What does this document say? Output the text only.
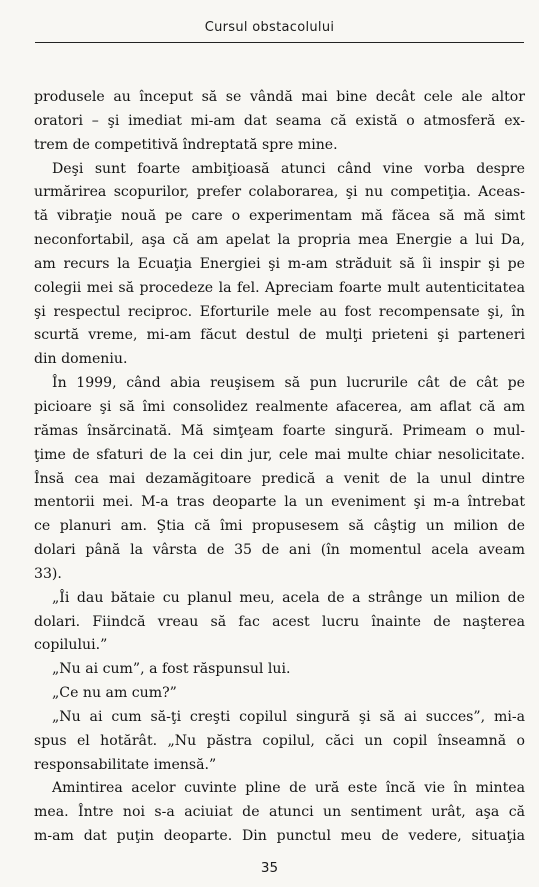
Cursul obstacolului
produsele au început să se vândă mai bine decât cele ale altor
oratori – şi imediat mi-am dat seama că există o atmosferă ex-
trem de competitivă îndreptată spre mine.
Deşi sunt foarte ambiţioasă atunci când vine vorba despre
urmărirea scopurilor, prefer colaborarea, şi nu competiţia. Aceas-
tă vibraţie nouă pe care o experimentam mă făcea să mă simt
neconfortabil, aşa că am apelat la propria mea Energie a lui Da,
am recurs la Ecuaţia Energiei şi m-am străduit să îi inspir şi pe
colegii mei să procedeze la fel. Apreciam foarte mult autenticitatea
şi respectul reciproc. Eforturile mele au fost recompensate şi, în
scurtă vreme, mi-am făcut destul de mulţi prieteni şi parteneri
din domeniu.
În 1999, când abia reuşisem să pun lucrurile cât de cât pe
picioare şi să îmi consolidez realmente afacerea, am aflat că am
rămas însărcinată. Mă simţeam foarte singură. Primeam o mul-
ţime de sfaturi de la cei din jur, cele mai multe chiar nesolicitate.
Însă cea mai dezamăgitoare predică a venit de la unul dintre
mentorii mei. M-a tras deoparte la un eveniment şi m-a întrebat
ce planuri am. Ştia că îmi propusesem să câştig un milion de
dolari până la vârsta de 35 de ani (în momentul acela aveam
33).
„Îi dau bătaie cu planul meu, acela de a strânge un milion de
dolari. Fiindcă vreau să fac acest lucru înainte de naşterea
copilului.”
„Nu ai cum”, a fost răspunsul lui.
„Ce nu am cum?”
„Nu ai cum să-ţi creşti copilul singură şi să ai succes”, mi-a
spus el hotărât. „Nu păstra copilul, căci un copil înseamnă o
responsabilitate imensă.”
Amintirea acelor cuvinte pline de ură este încă vie în mintea
mea. Între noi s-a aciuiat de atunci un sentiment urât, aşa că
m-am dat puţin deoparte. Din punctul meu de vedere, situaţia
35
